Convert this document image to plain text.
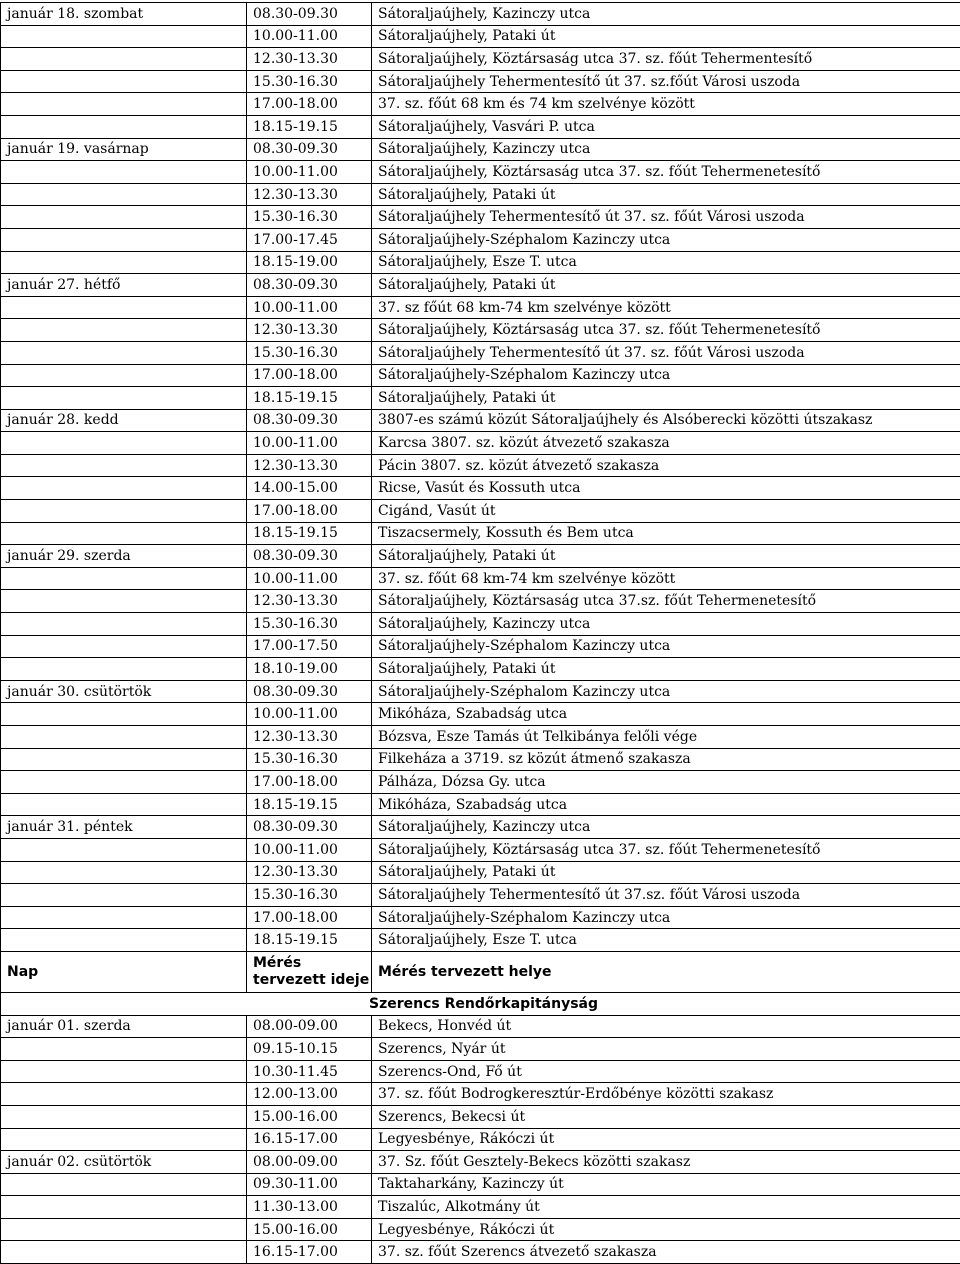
január 18. szombat	08.30-09.30	Sátoraljaújhely, Kazinczy utca
	10.00-11.00	Sátoraljaújhely, Pataki út
	12.30-13.30	Sátoraljaújhely, Köztársaság utca 37. sz. főút Tehermentesítő
	15.30-16.30	Sátoraljaújhely Tehermentesítő út 37. sz.főút Városi uszoda
	17.00-18.00	37. sz. főút 68 km és 74 km szelvénye között
	18.15-19.15	Sátoraljaújhely, Vasvári P. utca
január 19. vasárnap	08.30-09.30	Sátoraljaújhely, Kazinczy utca
	10.00-11.00	Sátoraljaújhely, Köztársaság utca 37. sz. főút Tehermenetesítő
	12.30-13.30	Sátoraljaújhely, Pataki út
	15.30-16.30	Sátoraljaújhely Tehermentesítő út 37. sz. főút Városi uszoda
	17.00-17.45	Sátoraljaújhely-Széphalom Kazinczy utca
	18.15-19.00	Sátoraljaújhely, Esze T. utca
január 27. hétfő	08.30-09.30	Sátoraljaújhely, Pataki út
	10.00-11.00	37. sz főút 68 km-74 km szelvénye között
	12.30-13.30	Sátoraljaújhely, Köztársaság utca 37. sz. főút Tehermenetesítő
	15.30-16.30	Sátoraljaújhely Tehermentesítő út 37. sz. főút Városi uszoda
	17.00-18.00	Sátoraljaújhely-Széphalom Kazinczy utca
	18.15-19.15	Sátoraljaújhely, Pataki út
január 28. kedd	08.30-09.30	3807-es számú közút Sátoraljaújhely és Alsóberecki közötti útszakasz
	10.00-11.00	Karcsa 3807. sz. közút átvezető szakasza
	12.30-13.30	Pácin 3807. sz. közút átvezető szakasza
	14.00-15.00	Ricse, Vasút és Kossuth utca
	17.00-18.00	Cigánd, Vasút út
	18.15-19.15	Tiszacsermely, Kossuth és Bem utca
január 29. szerda	08.30-09.30	Sátoraljaújhely, Pataki út
	10.00-11.00	37. sz. főút 68 km-74 km szelvénye között
	12.30-13.30	Sátoraljaújhely, Köztársaság utca 37.sz. főút Tehermenetesítő
	15.30-16.30	Sátoraljaújhely, Kazinczy utca
	17.00-17.50	Sátoraljaújhely-Széphalom Kazinczy utca
	18.10-19.00	Sátoraljaújhely, Pataki út
január 30. csütörtök	08.30-09.30	Sátoraljaújhely-Széphalom Kazinczy utca
	10.00-11.00	Mikóháza, Szabadság utca
	12.30-13.30	Bózsva, Esze Tamás út Telkibánya felőli vége
	15.30-16.30	Filkeháza a 3719. sz közút átmenő szakasza
	17.00-18.00	Pálháza, Dózsa Gy. utca
	18.15-19.15	Mikóháza, Szabadság utca
január 31. péntek	08.30-09.30	Sátoraljaújhely, Kazinczy utca
	10.00-11.00	Sátoraljaújhely, Köztársaság utca 37. sz. főút Tehermenetesítő
	12.30-13.30	Sátoraljaújhely, Pataki út
	15.30-16.30	Sátoraljaújhely Tehermentesítő út 37.sz. főút Városi uszoda
	17.00-18.00	Sátoraljaújhely-Széphalom Kazinczy utca
	18.15-19.15	Sátoraljaújhely, Esze T. utca
Nap	Mérés tervezett ideje	Mérés tervezett helye
Szerencs Rendőrkapitányság		
január 01. szerda	08.00-09.00	Bekecs, Honvéd út
	09.15-10.15	Szerencs, Nyár út
	10.30-11.45	Szerencs-Ond, Fő út
	12.00-13.00	37. sz. főút Bodrogkeresztúr-Erdőbénye közötti szakasz
	15.00-16.00	Szerencs, Bekecsi út
	16.15-17.00	Legyesbénye, Rákóczi út
január 02. csütörtök	08.00-09.00	37. Sz. főút Gesztely-Bekecs közötti szakasz
	09.30-11.00	Taktaharkány, Kazinczy út
	11.30-13.00	Tiszalúc, Alkotmány út
	15.00-16.00	Legyesbénye, Rákóczi út
	16.15-17.00	37. sz. főút Szerencs átvezető szakasza
